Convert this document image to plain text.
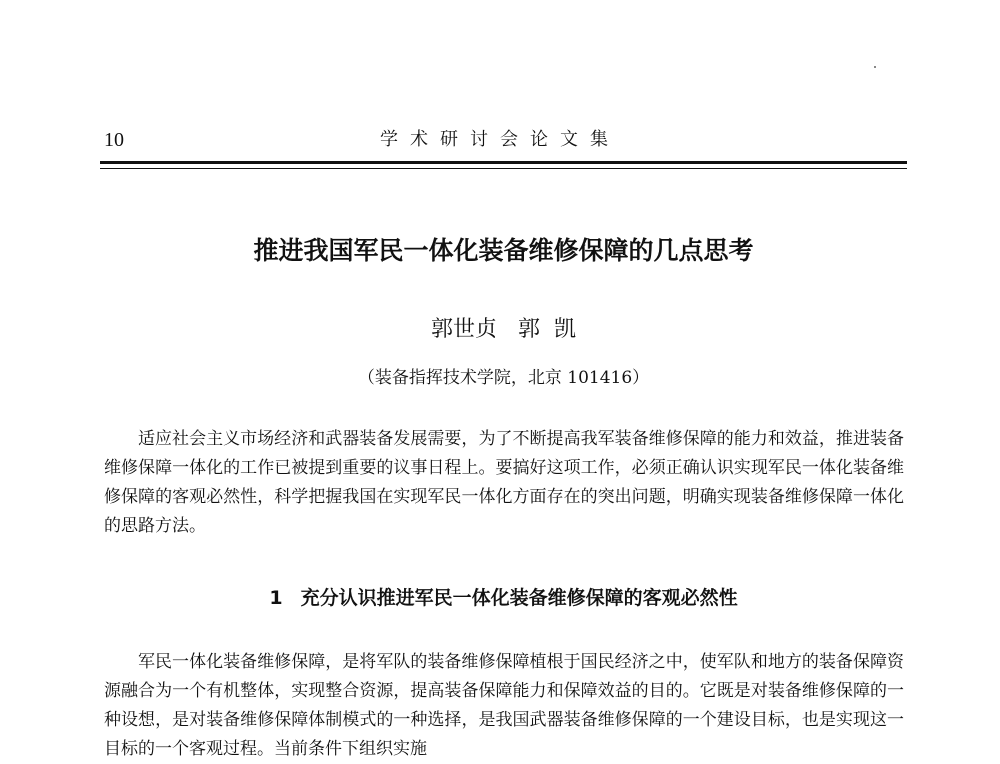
10	学术研讨会论文集
推进我国军民一体化装备维修保障的几点思考
郭世贞   郭  凯
（装备指挥技术学院，北京 101416）

适应社会主义市场经济和武器装备发展需要，为了不断提高我军装备维修保障的能力和效益，推进装备维修保障一体化的工作已被提到重要的议事日程上。要搞好这项工作，必须正确认识实现军民一体化装备维修保障的客观必然性，科学把握我国在实现军民一体化方面存在的突出问题，明确实现装备维修保障一体化的思路方法。

1 充分认识推进军民一体化装备维修保障的客观必然性

军民一体化装备维修保障，是将军队的装备维修保障植根于国民经济之中，使军队和地方的装备保障资源融合为一个有机整体，实现整合资源，提高装备保障能力和保障效益的目的。它既是对装备维修保障的一种设想，是对装备维修保障体制模式的一种选择，是我国武器装备维修保障的一个建设目标，也是实现这一目标的一个客观过程。当前条件下组织实施
